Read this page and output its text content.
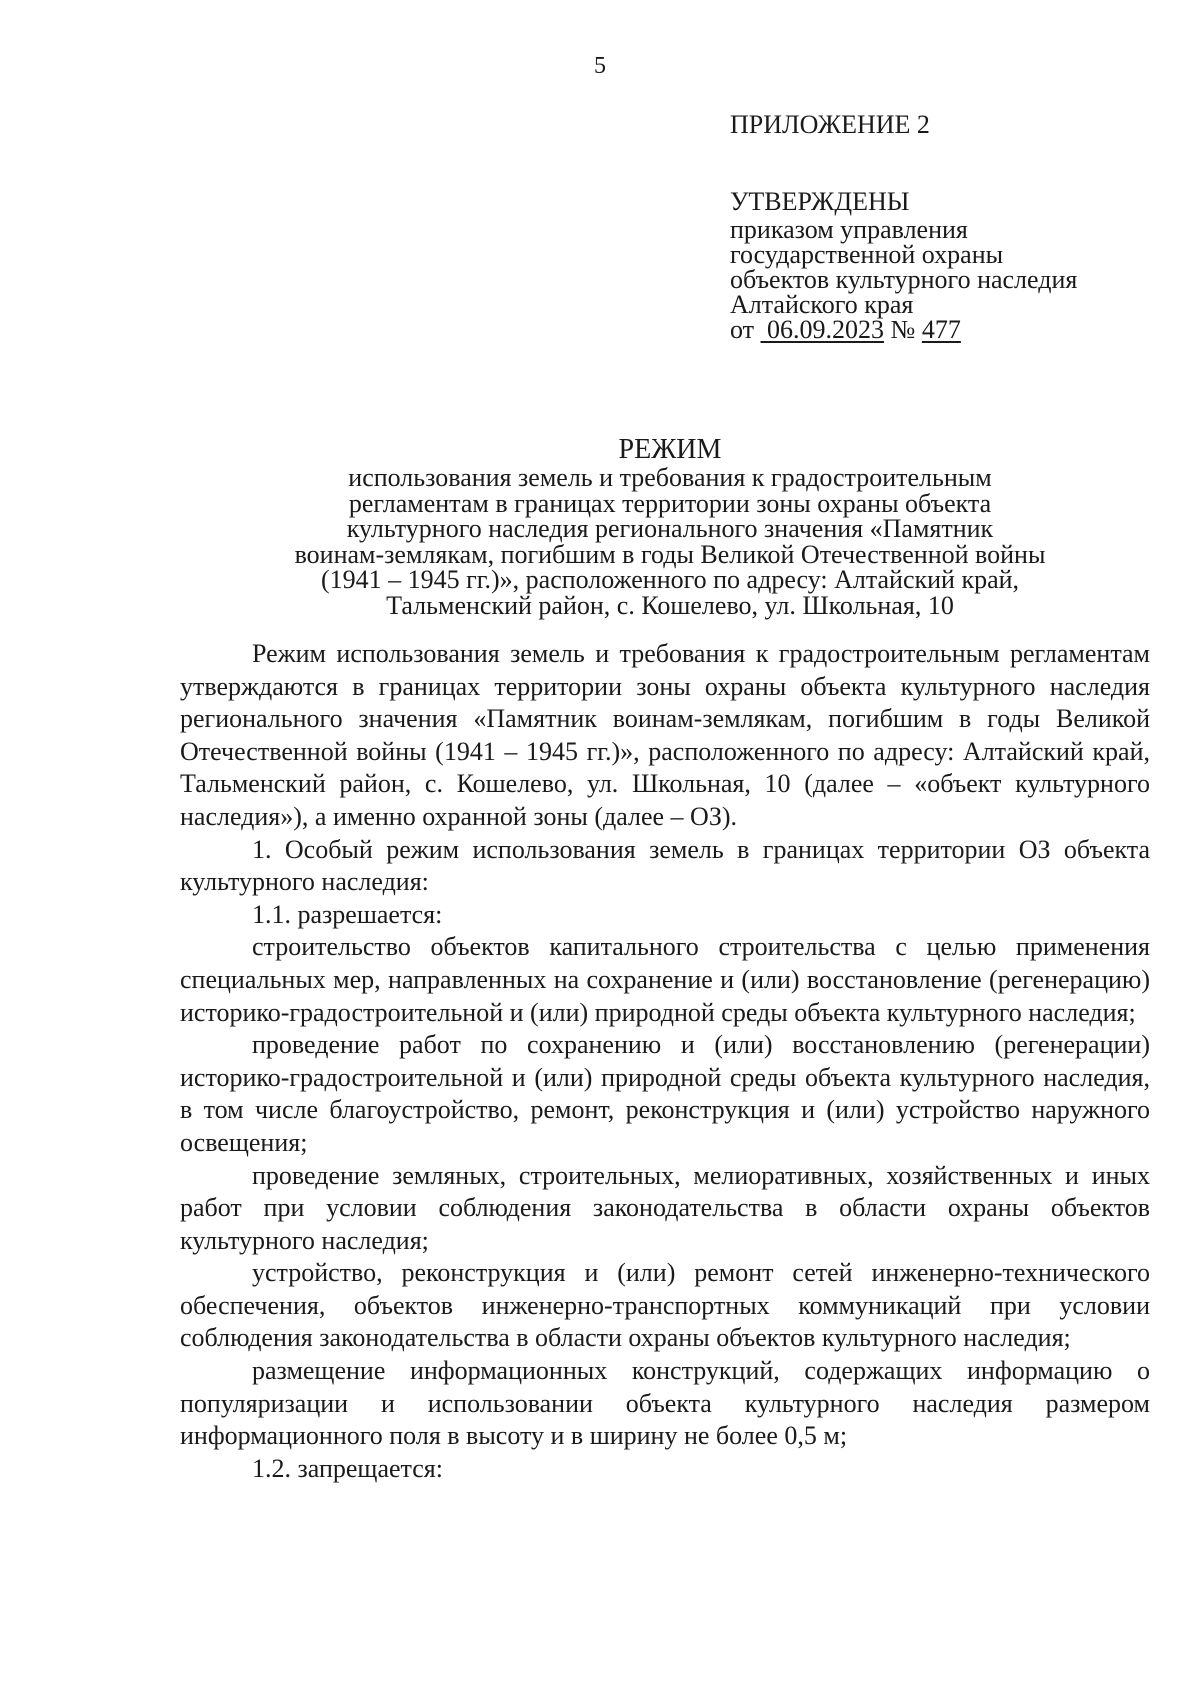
5
ПРИЛОЖЕНИЕ 2
УТВЕРЖДЕНЫ
приказом управления
государственной охраны
объектов культурного наследия
Алтайского края
от 06.09.2023 № 477
РЕЖИМ
использования земель и требования к градостроительным
регламентам в границах территории зоны охраны объекта
культурного наследия регионального значения «Памятник
воинам-землякам, погибшим в годы Великой Отечественной войны
(1941 – 1945 гг.)», расположенного по адресу: Алтайский край,
Тальменский район, с. Кошелево, ул. Школьная, 10

Режим использования земель и требования к градостроительным регламентам утверждаются в границах территории зоны охраны объекта культурного наследия регионального значения «Памятник воинам-землякам, погибшим в годы Великой Отечественной войны (1941 – 1945 гг.)», расположенного по адресу: Алтайский край, Тальменский район, с. Кошелево, ул. Школьная, 10 (далее – «объект культурного наследия»), а именно охранной зоны (далее – ОЗ).

1. Особый режим использования земель в границах территории ОЗ объекта культурного наследия:

1.1. разрешается:

строительство объектов капитального строительства с целью применения специальных мер, направленных на сохранение и (или) восстановление (регенерацию) историко-градостроительной и (или) природной среды объекта культурного наследия;

проведение работ по сохранению и (или) восстановлению (регенерации) историко-градостроительной и (или) природной среды объекта культурного наследия, в том числе благоустройство, ремонт, реконструкция и (или) устройство наружного освещения;

проведение земляных, строительных, мелиоративных, хозяйственных и иных работ при условии соблюдения законодательства в области охраны объектов культурного наследия;

устройство, реконструкция и (или) ремонт сетей инженерно-технического обеспечения, объектов инженерно-транспортных коммуникаций при условии соблюдения законодательства в области охраны объектов культурного наследия;

размещение информационных конструкций, содержащих информацию о популяризации и использовании объекта культурного наследия размером информационного поля в высоту и в ширину не более 0,5 м;

1.2. запрещается:
